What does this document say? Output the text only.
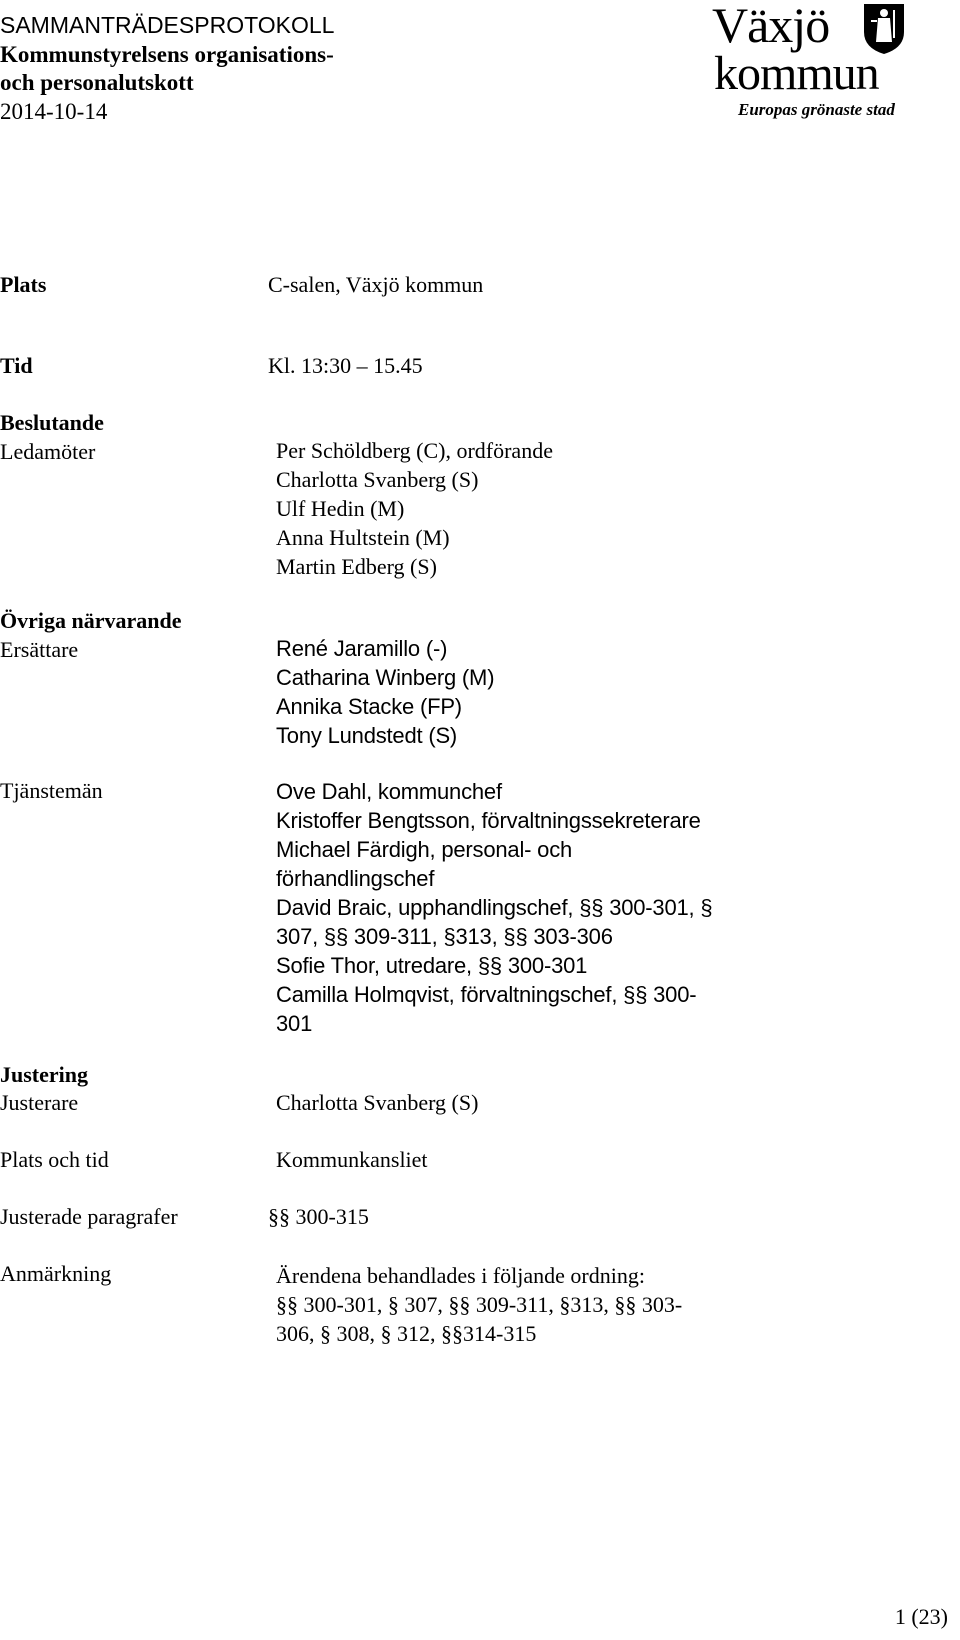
SAMMANTRÄDESPROTOKOLL
Kommunstyrelsens organisations-
och personalutskott
2014-10-14
Växjö
kommun
Europas grönaste stad
Plats	C-salen, Växjö kommun
Tid	Kl. 13:30 – 15.45
Beslutande
Ledamöter	Per Schöldberg (C), ordförande
Charlotta Svanberg (S)
Ulf Hedin (M)
Anna Hultstein (M)
Martin Edberg (S)
Övriga närvarande
Ersättare	René Jaramillo (-)
Catharina Winberg (M)
Annika Stacke (FP)
Tony Lundstedt (S)
Tjänstemän	Ove Dahl, kommunchef
Kristoffer Bengtsson, förvaltningssekreterare
Michael Färdigh, personal- och
förhandlingschef
David Braic, upphandlingschef, §§ 300-301, §
307, §§ 309-311, §313, §§ 303-306
Sofie Thor, utredare, §§ 300-301
Camilla Holmqvist, förvaltningschef, §§ 300-
301
Justering
Justerare	Charlotta Svanberg (S)
Plats och tid	Kommunkansliet
Justerade paragrafer	§§ 300-315
Anmärkning	Ärendena behandlades i följande ordning:
§§ 300-301, § 307, §§ 309-311, §313, §§ 303-
306, § 308, § 312, §§314-315
1 (23)
